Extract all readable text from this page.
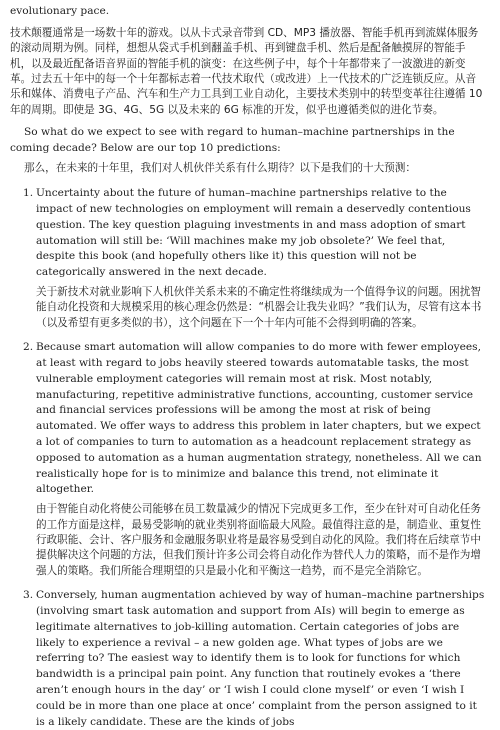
evolutionary pace.

技术颠覆通常是一场数十年的游戏。以从卡式录音带到 CD、MP3 播放器、智能手机再到流媒体服务的滚动周期为例。同样，想想从袋式手机到翻盖手机、再到键盘手机、然后是配备触摸屏的智能手机，以及最近配备语音界面的智能手机的演变：在这些例子中，每个十年都带来了一波激进的新变革。过去五十年中的每一个十年都标志着一代技术取代（或改进）上一代技术的广泛连锁反应。从音乐和媒体、消费电子产品、汽车和生产力工具到工业自动化，主要技术类别中的转型变革往往遵循 10 年的周期。即使是 3G、4G、5G 以及未来的 6G 标准的开发，似乎也遵循类似的进化节奏。

So what do we expect to see with regard to human–machine partnerships in the coming decade? Below are our top 10 predictions:

那么，在未来的十年里，我们对人机伙伴关系有什么期待？以下是我们的十大预测：

1. Uncertainty about the future of human–machine partnerships relative to the impact of new technologies on employment will remain a deservedly contentious question. The key question plaguing investments in and mass adoption of smart automation will still be: ‘Will machines make my job obsolete?’ We feel that, despite this book (and hopefully others like it) this question will not be categorically answered in the next decade.

关于新技术对就业影响下人机伙伴关系未来的不确定性将继续成为一个值得争议的问题。困扰智能自动化投资和大规模采用的核心理念仍然是：“机器会让我失业吗？”我们认为，尽管有这本书（以及希望有更多类似的书），这个问题在下一个十年内可能不会得到明确的答案。

2. Because smart automation will allow companies to do more with fewer employees, at least with regard to jobs heavily steered towards automatable tasks, the most vulnerable employment categories will remain most at risk. Most notably, manufacturing, repetitive administrative functions, accounting, customer service and financial services professions will be among the most at risk of being automated. We offer ways to address this problem in later chapters, but we expect a lot of companies to turn to automation as a headcount replacement strategy as opposed to automation as a human augmentation strategy, nonetheless. All we can realistically hope for is to minimize and balance this trend, not eliminate it altogether.

由于智能自动化将使公司能够在员工数量减少的情况下完成更多工作，至少在针对可自动化任务的工作方面是这样，最易受影响的就业类别将面临最大风险。最值得注意的是，制造业、重复性行政职能、会计、客户服务和金融服务职业将是最容易受到自动化的风险。我们将在后续章节中提供解决这个问题的方法，但我们预计许多公司会将自动化作为替代人力的策略，而不是作为增强人的策略。我们所能合理期望的只是最小化和平衡这一趋势，而不是完全消除它。

3. Conversely, human augmentation achieved by way of human–machine partnerships (involving smart task automation and support from AIs) will begin to emerge as legitimate alternatives to job-killing automation. Certain categories of jobs are likely to experience a revival – a new golden age. What types of jobs are we referring to? The easiest way to identify them is to look for functions for which bandwidth is a principal pain point. Any function that routinely evokes a ‘there aren’t enough hours in the day’ or ‘I wish I could clone myself’ or even ‘I wish I could be in more than one place at once’ complaint from the person assigned to it is a likely candidate. These are the kinds of jobs
